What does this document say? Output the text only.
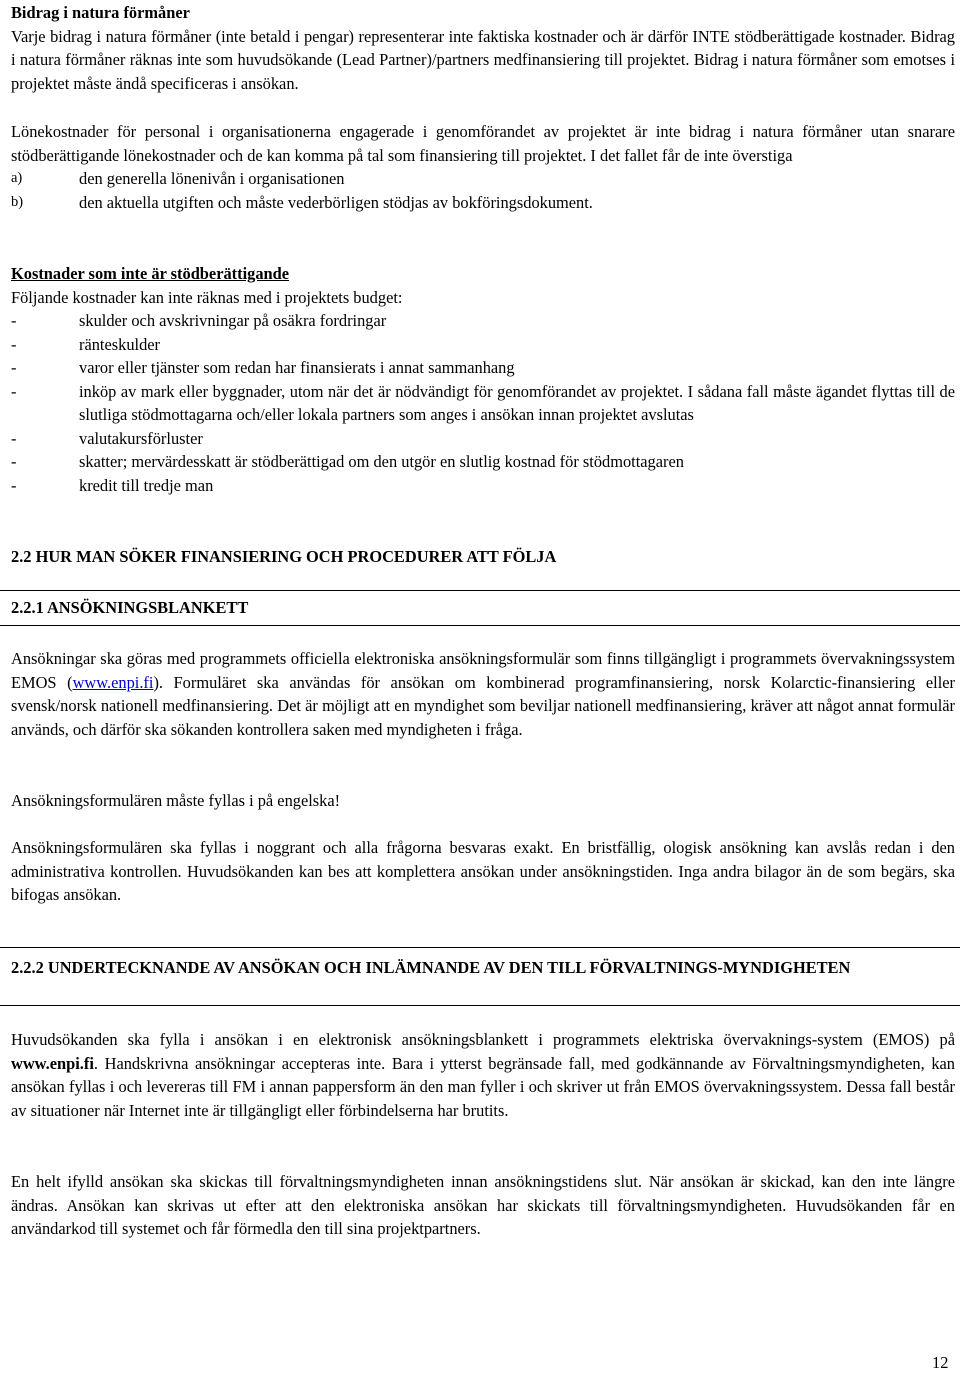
Bidrag i natura förmåner
Varje bidrag i natura förmåner (inte betald i pengar) representerar inte faktiska kostnader och är därför INTE stödberättigade kostnader. Bidrag i natura förmåner räknas inte som huvudsökande (Lead Partner)/partners medfinansiering till projektet. Bidrag i natura förmåner som emotses i projektet måste ändå specificeras i ansökan.
Lönekostnader för personal i organisationerna engagerade i genomförandet av projektet är inte bidrag i natura förmåner utan snarare stödberättigande lönekostnader och de kan komma på tal som finansiering till projektet. I det fallet får de inte överstiga
a)	den generella lönenivån i organisationen
b)	den aktuella utgiften och måste vederbörligen stödjas av bokföringsdokument.
Kostnader som inte är stödberättigande
Följande kostnader kan inte räknas med i projektets budget:
-	skulder och avskrivningar på osäkra fordringar
-	ränteskulder
-	varor eller tjänster som redan har finansierats i annat sammanhang
-	inköp av mark eller byggnader, utom när det är nödvändigt för genomförandet av projektet. I sådana fall måste ägandet flyttas till de slutliga stödmottagarna och/eller lokala partners som anges i ansökan innan projektet avslutas
-	valutakursförluster
-	skatter; mervärdesskatt är stödberättigad om den utgör en slutlig kostnad för stödmottagaren
-	kredit till tredje man
2.2 HUR MAN SÖKER FINANSIERING OCH PROCEDURER ATT FÖLJA
2.2.1 ANSÖKNINGSBLANKETT
Ansökningar ska göras med programmets officiella elektroniska ansökningsformulär som finns tillgängligt i programmets övervakningssystem EMOS (www.enpi.fi). Formuläret ska användas för ansökan om kombinerad programfinansiering, norsk Kolarctic-finansiering eller svensk/norsk nationell medfinansiering. Det är möjligt att en myndighet som beviljar nationell medfinansiering, kräver att något annat formulär används, och därför ska sökanden kontrollera saken med myndigheten i fråga.
Ansökningsformulären måste fyllas i på engelska!
Ansökningsformulären ska fyllas i noggrant och alla frågorna besvaras exakt. En bristfällig, ologisk ansökning kan avslås redan i den administrativa kontrollen. Huvudsökanden kan bes att komplettera ansökan under ansökningstiden. Inga andra bilagor än de som begärs, ska bifogas ansökan.
2.2.2 UNDERTECKNANDE AV ANSÖKAN OCH INLÄMNANDE AV DEN TILL FÖRVALTNINGS-MYNDIGHETEN
Huvudsökanden ska fylla i ansökan i en elektronisk ansökningsblankett i programmets elektriska övervaknings-system (EMOS) på www.enpi.fi. Handskrivna ansökningar accepteras inte. Bara i ytterst begränsade fall, med godkännande av Förvaltningsmyndigheten, kan ansökan fyllas i och levereras till FM i annan pappersform än den man fyller i och skriver ut från EMOS övervakningssystem. Dessa fall består av situationer när Internet inte är tillgängligt eller förbindelserna har brutits.
En helt ifylld ansökan ska skickas till förvaltningsmyndigheten innan ansökningstidens slut. När ansökan är skickad, kan den inte längre ändras. Ansökan kan skrivas ut efter att den elektroniska ansökan har skickats till förvaltningsmyndigheten. Huvudsökanden får en användarkod till systemet och får förmedla den till sina projektpartners.
12
